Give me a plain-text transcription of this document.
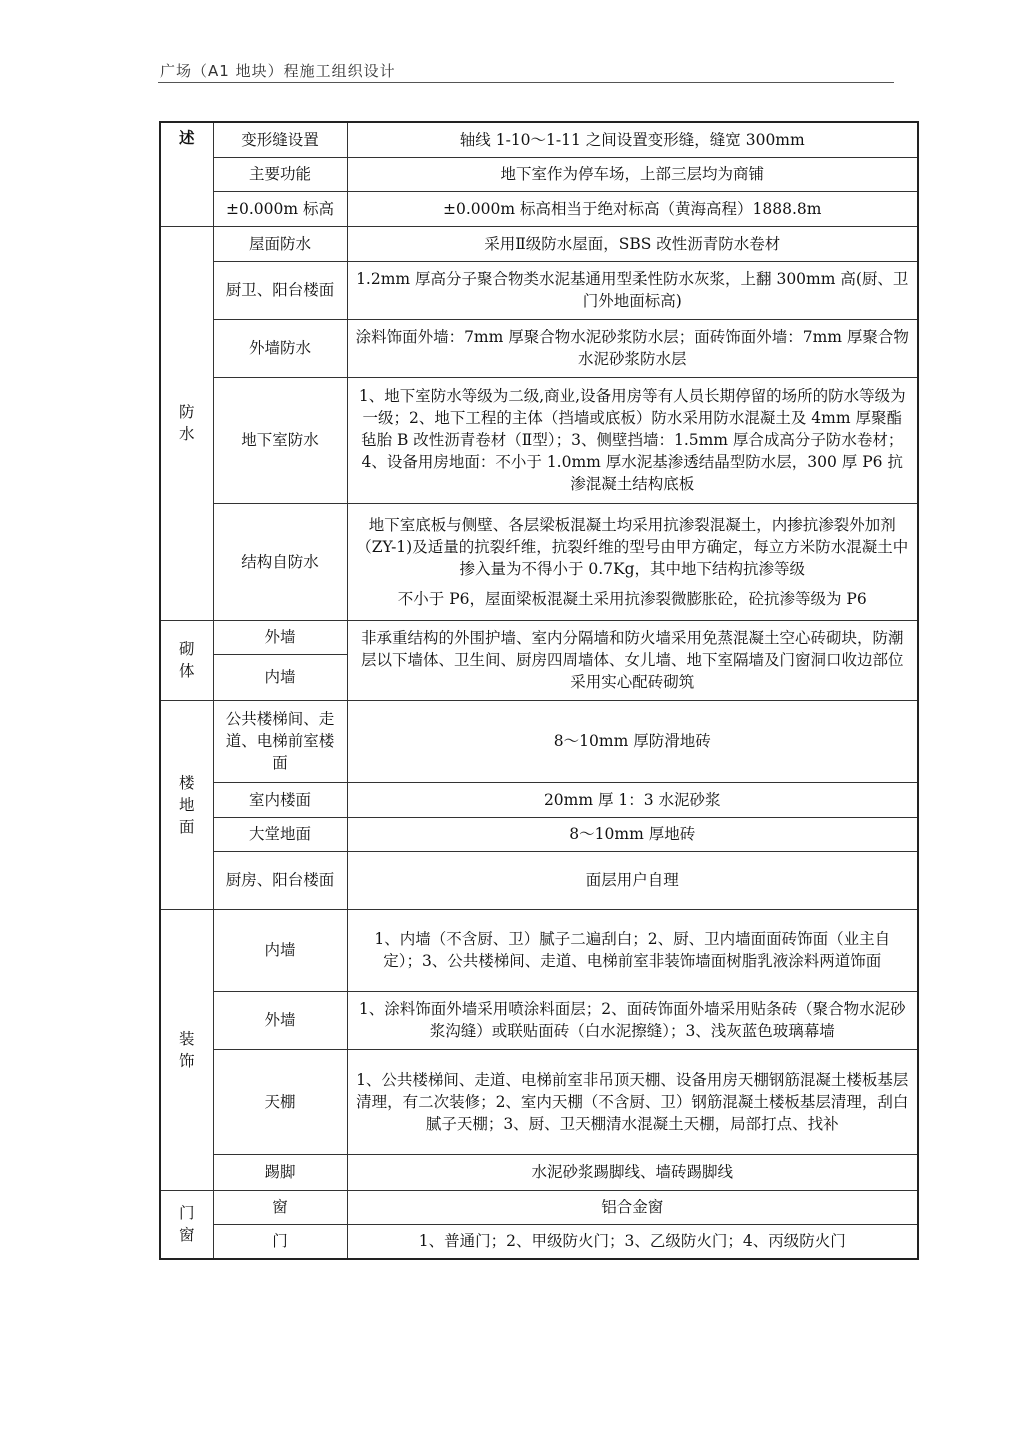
广场（A1 地块）程施工组织设计
述	变形缝设置	轴线 1-10～1-11 之间设置变形缝，缝宽 300mm
	主要功能	地下室作为停车场，上部三层均为商铺
	±0.000m 标高	±0.000m 标高相当于绝对标高（黄海高程）1888.8m

防
水	屋面防水	采用Ⅱ级防水屋面，SBS 改性沥青防水卷材
	厨卫、阳台楼面	1.2mm 厚高分子聚合物类水泥基通用型柔性防水灰浆，上翻 300mm 高(厨、卫门外地面标高)
	外墙防水	涂料饰面外墙：7mm 厚聚合物水泥砂浆防水层；面砖饰面外墙：7mm 厚聚合物水泥砂浆防水层
	地下室防水	1、地下室防水等级为二级,商业,设备用房等有人员长期停留的场所的防水等级为一级；2、地下工程的主体（挡墙或底板）防水采用防水混凝土及 4mm 厚聚酯毡胎 B 改性沥青卷材（Ⅱ型）；3、侧壁挡墙：1.5mm 厚合成高分子防水卷材；4、设备用房地面：不小于 1.0mm 厚水泥基渗透结晶型防水层，300 厚 P6 抗渗混凝土结构底板
	结构自防水	地下室底板与侧壁、各层梁板混凝土均采用抗渗裂混凝土，内掺抗渗裂外加剂（ZY-1)及适量的抗裂纤维，抗裂纤维的型号由甲方确定，每立方米防水混凝土中掺入量为不得小于 0.7Kg，其中地下结构抗渗等级
不小于 P6，屋面梁板混凝土采用抗渗裂微膨胀砼，砼抗渗等级为 P6

砌
体	外墙	非承重结构的外围护墙、室内分隔墙和防火墙采用免蒸混凝土空心砖砌块，防潮层以下墙体、卫生间、厨房四周墙体、女儿墙、地下室隔墙及门窗洞口收边部位采用实心配砖砌筑
	内墙	

楼
地
面	公共楼梯间、走道、电梯前室楼面	8～10mm 厚防滑地砖
	室内楼面	20mm 厚 1：3 水泥砂浆
	大堂地面	8～10mm 厚地砖
	厨房、阳台楼面	面层用户自理

装
饰	内墙	1、内墙（不含厨、卫）腻子二遍刮白；2、厨、卫内墙面面砖饰面（业主自定）；3、公共楼梯间、走道、电梯前室非装饰墙面树脂乳液涂料两道饰面
	外墙	1、涂料饰面外墙采用喷涂料面层；2、面砖饰面外墙采用贴条砖（聚合物水泥砂浆沟缝）或联贴面砖（白水泥擦缝）；3、浅灰蓝色玻璃幕墙
	天棚	1、公共楼梯间、走道、电梯前室非吊顶天棚、设备用房天棚钢筋混凝土楼板基层清理，有二次装修；2、室内天棚（不含厨、卫）钢筋混凝土楼板基层清理，刮白腻子天棚；3、厨、卫天棚清水混凝土天棚，局部打点、找补
	踢脚	水泥砂浆踢脚线、墙砖踢脚线

门
窗	窗	铝合金窗
	门	1、普通门；2、甲级防火门；3、乙级防火门；4、丙级防火门
